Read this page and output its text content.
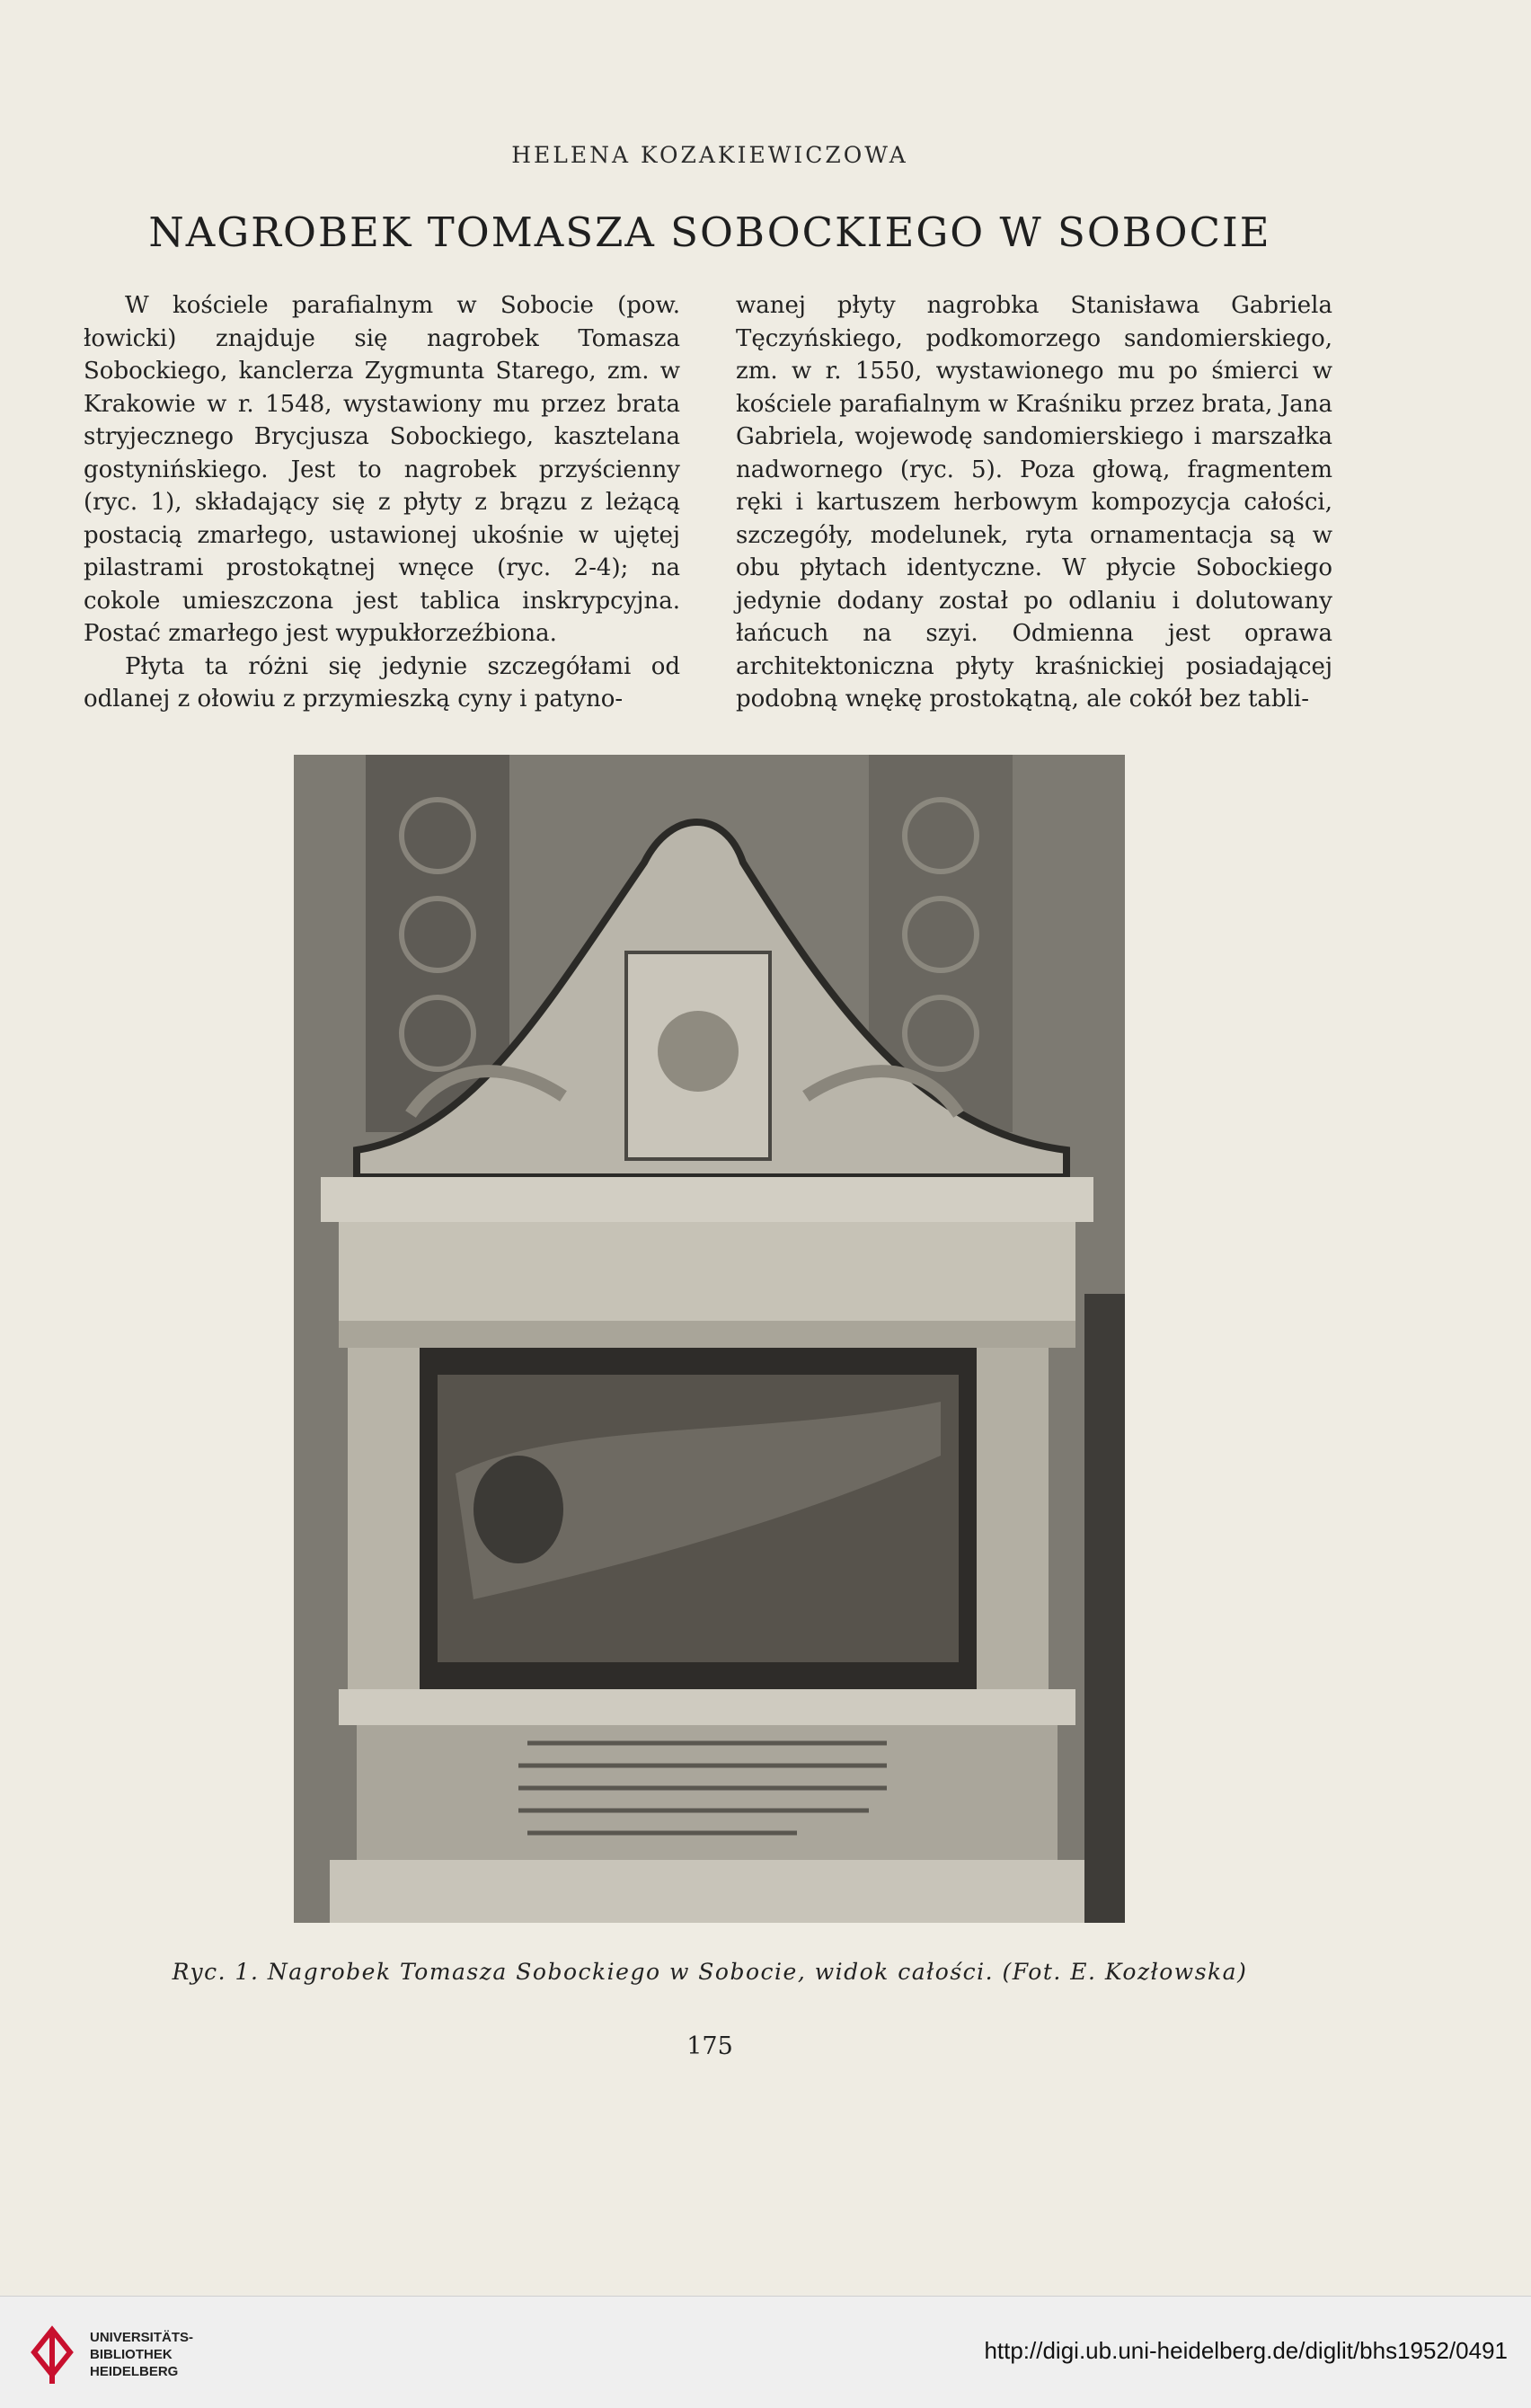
HELENA KOZAKIEWICZOWA
NAGROBEK TOMASZA SOBOCKIEGO W SOBOCIE

W kościele parafialnym w Sobocie (pow. łowicki) znajduje się nagrobek Tomasza Sobockiego, kanclerza Zygmunta Starego, zm. w Krakowie w r. 1548, wystawiony mu przez brata stryjecznego Brycjusza Sobockiego, kasztelana gostynińskiego. Jest to nagrobek przyścienny (ryc. 1), składający się z płyty z brązu z leżącą postacią zmarłego, ustawionej ukośnie w ujętej pilastrami prostokątnej wnęce (ryc. 2-4); na cokole umieszczona jest tablica inskrypcyjna. Postać zmarłego jest wypukłorzeźbiona.

Płyta ta różni się jedynie szczegółami od odlanej z ołowiu z przymieszką cyny i patyno-

wanej płyty nagrobka Stanisława Gabriela Tęczyńskiego, podkomorzego sandomierskiego, zm. w r. 1550, wystawionego mu po śmierci w kościele parafialnym w Kraśniku przez brata, Jana Gabriela, wojewodę sandomierskiego i marszałka nadwornego (ryc. 5). Poza głową, fragmentem ręki i kartuszem herbowym kompozycja całości, szczegóły, modelunek, ryta ornamentacja są w obu płytach identyczne. W płycie Sobockiego jedynie dodany został po odlaniu i dolutowany łańcuch na szyi. Odmienna jest oprawa architektoniczna płyty kraśnickiej posiadającej podobną wnękę prostokątną, ale cokół bez tabli-

Ryc. 1. Nagrobek Tomasza Sobockiego w Sobocie, widok całości. (Fot. E. Kozłowska)
175
UNIVERSITÄTS-
BIBLIOTHEK
HEIDELBERG
http://digi.ub.uni-heidelberg.de/diglit/bhs1952/0491
